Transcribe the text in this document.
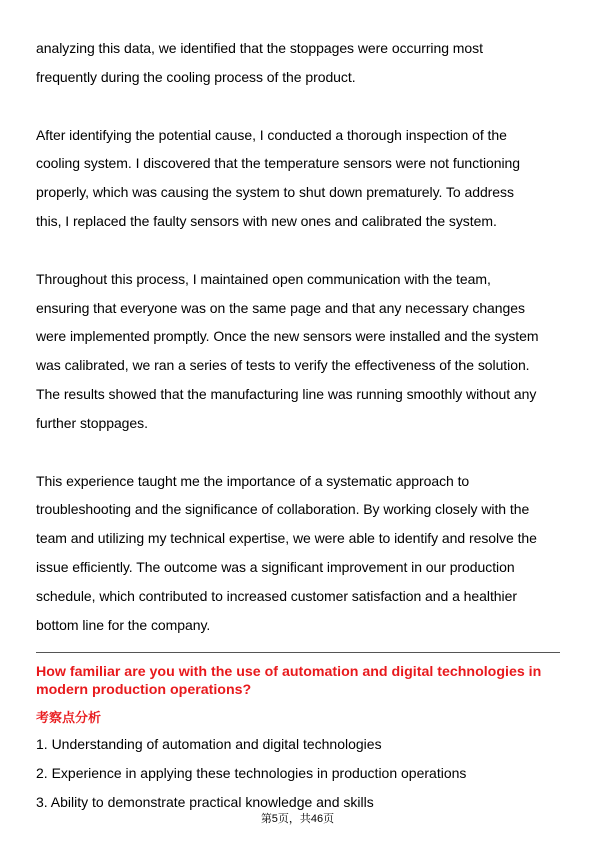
analyzing this data, we identified that the stoppages were occurring most
frequently during the cooling process of the product.

After identifying the potential cause, I conducted a thorough inspection of the
cooling system. I discovered that the temperature sensors were not functioning
properly, which was causing the system to shut down prematurely. To address
this, I replaced the faulty sensors with new ones and calibrated the system.

Throughout this process, I maintained open communication with the team,
ensuring that everyone was on the same page and that any necessary changes
were implemented promptly. Once the new sensors were installed and the system
was calibrated, we ran a series of tests to verify the effectiveness of the solution.
The results showed that the manufacturing line was running smoothly without any
further stoppages.

This experience taught me the importance of a systematic approach to
troubleshooting and the significance of collaboration. By working closely with the
team and utilizing my technical expertise, we were able to identify and resolve the
issue efficiently. The outcome was a significant improvement in our production
schedule, which contributed to increased customer satisfaction and a healthier
bottom line for the company.

How familiar are you with the use of automation and digital technologies in
modern production operations?

考察点分析

1. Understanding of automation and digital technologies
2. Experience in applying these technologies in production operations
3. Ability to demonstrate practical knowledge and skills
第5页，共46页
